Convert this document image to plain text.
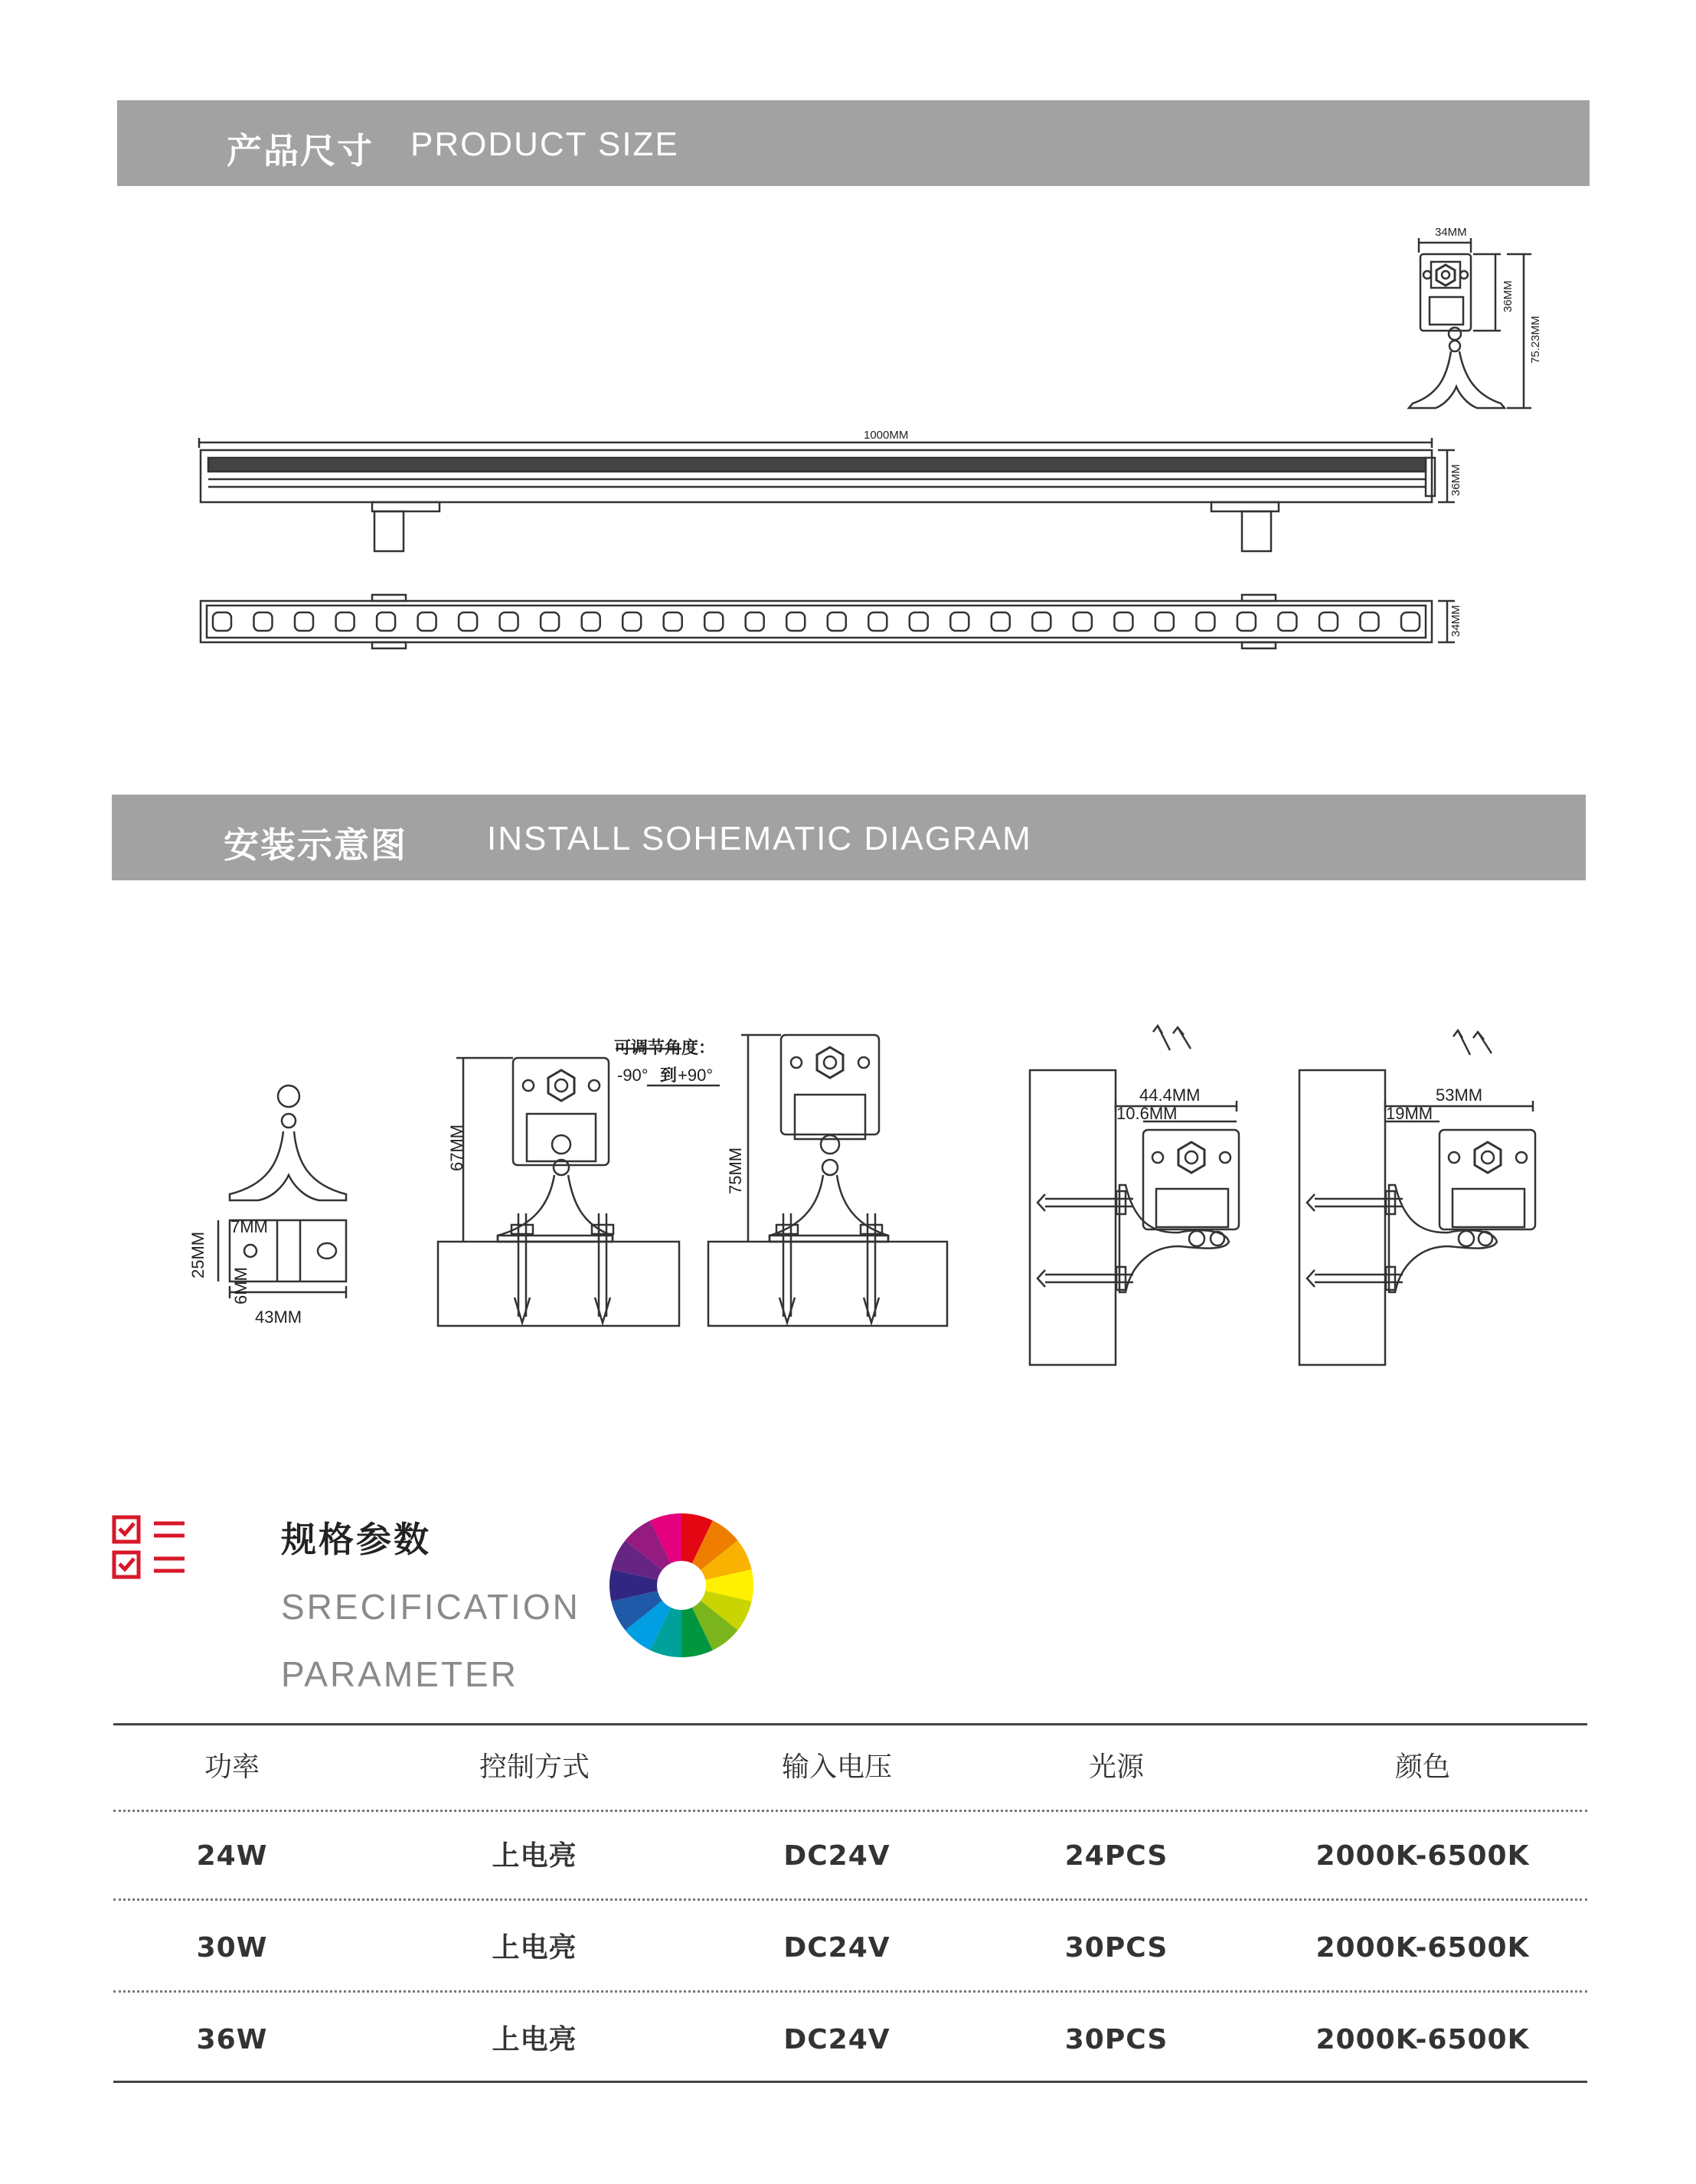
产品尺寸 PRODUCT SIZE
安装示意图 INSTALL SOHEMATIC DIAGRAM
34MM
36MM
75.23MM
1000MM
36MM
34MM
43MM
25MM
7MM
6MM
67MM	75MM
可调节角度：
-90° 到 +90°
44.4MM
10.6MM
53MM
19MM
规格参数
SRECIFICATION
PARAMETER
功率	控制方式	输入电压	光源	颜色
24W	上电亮	DC24V	24PCS	2000K-6500K
30W	上电亮	DC24V	30PCS	2000K-6500K
36W	上电亮	DC24V	30PCS	2000K-6500K
